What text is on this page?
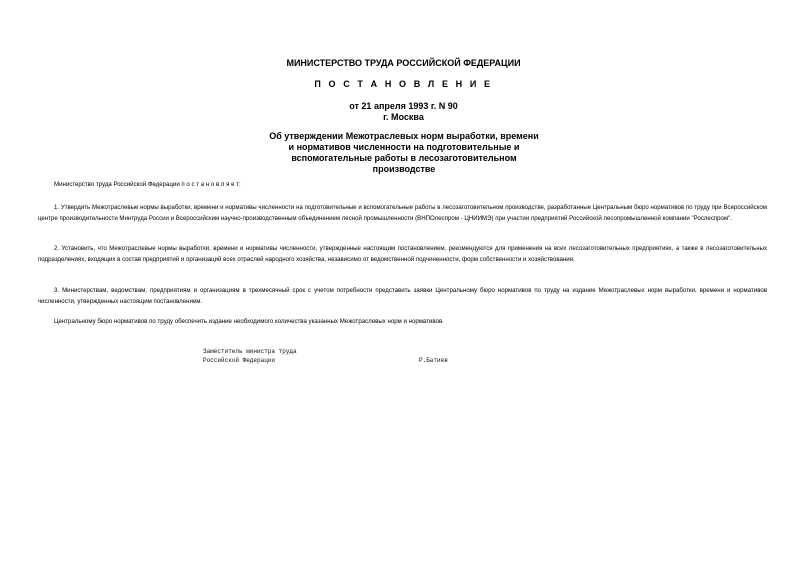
МИНИСТЕРСТВО ТРУДА РОССИЙСКОЙ ФЕДЕРАЦИИ
П О С Т А Н О В Л Е Н И Е
от 21 апреля 1993 г. N 90
г. Москва
Об утверждении Межотраслевых норм выработки, времени
и нормативов численности на подготовительные и
вспомогательные работы в лесозаготовительном
производстве
Министерство труда Российской Федерации п о с т а н о в л я е т:
1. Утвердить Межотраслевые нормы выработки, времени и нормативы численности на подготовительные и вспомогательные работы в лесозаготовительном производстве, разработанные Центральным бюро нормативов по труду при Всероссийском центре производительности Минтруда России и Всероссийским научно-производственным объединением лесной промышленности (ВНПОлеспром - ЦНИИМЭ) при участии предприятий Российской лесопромышленной компании "Рослеспром".
2. Установить, что Межотраслевые нормы выработки, времени и нормативы численности, утвержденные настоящим постановлением, рекомендуются для применения на всех лесозаготовительных предприятиях, а также в лесозаготовительных подразделениях, входящих в состав предприятий и организаций всех отраслей народного хозяйства, независимо от ведомственной подчиненности, форм собственности и хозяйствования.
3. Министерствам, ведомствам, предприятиям и организациям в трехмесячный срок с учетом потребности представить заявки Центральному бюро нормативов по труду на издание Межотраслевых норм выработки, времени и нормативов численности, утвержденных настоящим постановлением.
Центральному бюро нормативов по труду обеспечить издание необходимого количества указанных Межотраслевых норм и нормативов.
Заместитель министра труда
Российской Федерации	Р.Батиев
